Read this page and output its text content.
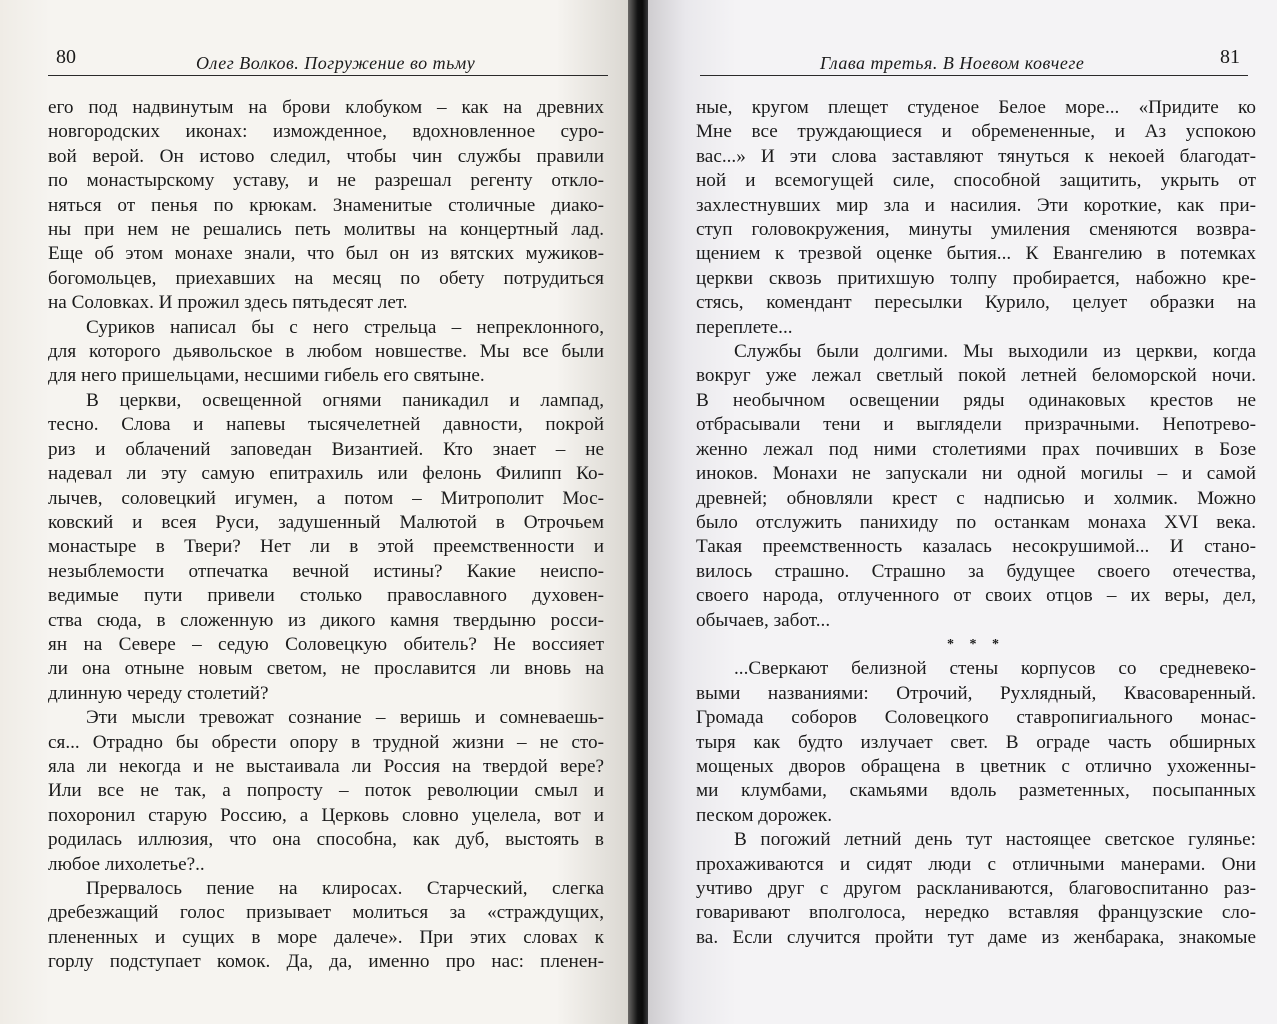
80	Олег Волков. Погружение во тьму
его под надвинутым на брови клобуком – как на древних
новгородских иконах: изможденное, вдохновленное суро-
вой верой. Он истово следил, чтобы чин службы правили
по монастырскому уставу, и не разрешал регенту откло-
няться от пенья по крюкам. Знаменитые столичные диако-
ны при нем не решались петь молитвы на концертный лад.
Еще об этом монахе знали, что был он из вятских мужиков-
богомольцев, приехавших на месяц по обету потрудиться
на Соловках. И прожил здесь пятьдесят лет.
Суриков написал бы с него стрельца – непреклонного,
для которого дьявольское в любом новшестве. Мы все были
для него пришельцами, несшими гибель его святыне.
В церкви, освещенной огнями паникадил и лампад,
тесно. Слова и напевы тысячелетней давности, покрой
риз и облачений заповедан Византией. Кто знает – не
надевал ли эту самую епитрахиль или фелонь Филипп Ко-
лычев, соловецкий игумен, а потом – Митрополит Мос-
ковский и всея Руси, задушенный Малютой в Отрочьем
монастыре в Твери? Нет ли в этой преемственности и
незыблемости отпечатка вечной истины? Какие неиспо-
ведимые пути привели столько православного духовен-
ства сюда, в сложенную из дикого камня твердыню росси-
ян на Севере – седую Соловецкую обитель? Не воссияет
ли она отныне новым светом, не прославится ли вновь на
длинную череду столетий?
Эти мысли тревожат сознание – веришь и сомневаешь-
ся... Отрадно бы обрести опору в трудной жизни – не сто-
яла ли некогда и не выстаивала ли Россия на твердой вере?
Или все не так, а попросту – поток революции смыл и
похоронил старую Россию, а Церковь словно уцелела, вот и
родилась иллюзия, что она способна, как дуб, выстоять в
любое лихолетье?..
Прервалось пение на клиросах. Старческий, слегка
дребезжащий голос призывает молиться за «страждущих,
плененных и сущих в море далече». При этих словах к
горлу подступает комок. Да, да, именно про нас: пленен-
Глава третья. В Ноевом ковчеге	81
ные, кругом плещет студеное Белое море... «Придите ко
Мне все труждающиеся и обремененные, и Аз успокою
вас...» И эти слова заставляют тянуться к некоей благодат-
ной и всемогущей силе, способной защитить, укрыть от
захлестнувших мир зла и насилия. Эти короткие, как при-
ступ головокружения, минуты умиления сменяются возвра-
щением к трезвой оценке бытия... К Евангелию в потемках
церкви сквозь притихшую толпу пробирается, набожно кре-
стясь, комендант пересылки Курило, целует образки на
переплете...
Службы были долгими. Мы выходили из церкви, когда
вокруг уже лежал светлый покой летней беломорской ночи.
В необычном освещении ряды одинаковых крестов не
отбрасывали тени и выглядели призрачными. Непотрево-
женно лежал под ними столетиями прах почивших в Бозе
иноков. Монахи не запускали ни одной могилы – и самой
древней; обновляли крест с надписью и холмик. Можно
было отслужить панихиду по останкам монаха XVI века.
Такая преемственность казалась несокрушимой... И стано-
вилось страшно. Страшно за будущее своего отечества,
своего народа, отлученного от своих отцов – их веры, дел,
обычаев, забот...
* * *
...Сверкают белизной стены корпусов со средневеко-
выми названиями: Отрочий, Рухлядный, Квасоваренный.
Громада соборов Соловецкого ставропигиального монас-
тыря как будто излучает свет. В ограде часть обширных
мощеных дворов обращена в цветник с отлично ухоженны-
ми клумбами, скамьями вдоль разметенных, посыпанных
песком дорожек.
В погожий летний день тут настоящее светское гулянье:
прохаживаются и сидят люди с отличными манерами. Они
учтиво друг с другом раскланиваются, благовоспитанно раз-
говаривают вполголоса, нередко вставляя французские сло-
ва. Если случится пройти тут даме из женбарака, знакомые
